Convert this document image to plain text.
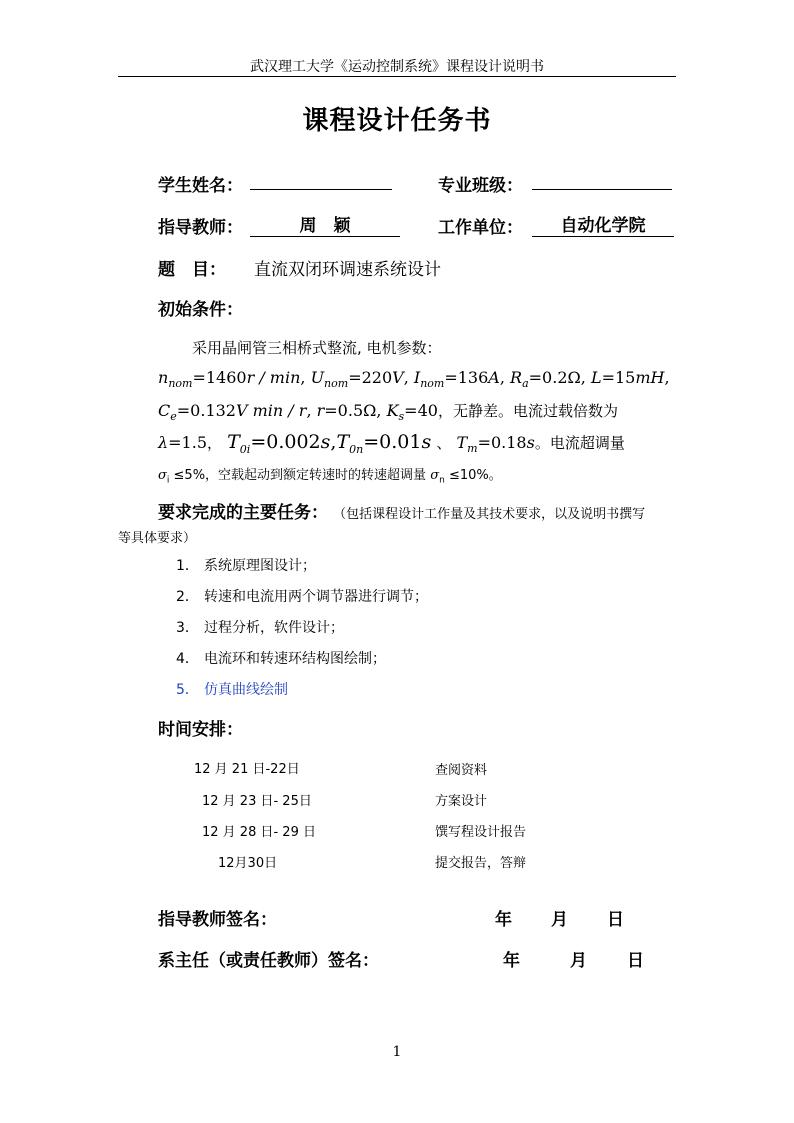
武汉理工大学《运动控制系统》课程设计说明书
课程设计任务书
学生姓名：	专业班级：
指导教师：	周　颖	工作单位：	自动化学院
题　目： 直流双闭环调速系统设计
初始条件：
采用晶闸管三相桥式整流, 电机参数：
$n_{nom}=1460r / \min$, $U_{nom}=220V$, $I_{nom}=136A$, $R_a=0.2\Omega$, L=15mH,
$C_e=0.132V$ min / r, r=0.5Ω, $K_s=40$，无静差。电流过载倍数为
λ=1.5， $T_{0i}=0.002s,T_{0n}=0.01s$ 、 $T_m=0.18s$。电流超调量
$\sigma_i \le 5\%$，空载起动到额定转速时的转速超调量 $\sigma_n \le 10\%$。
要求完成的主要任务： （包括课程设计工作量及其技术要求，以及说明书撰写
等具体要求）
1． 系统原理图设计；
2． 转速和电流用两个调节器进行调节；
3． 过程分析，软件设计；
4． 电流环和转速环结构图绘制；
5． 仿真曲线绘制
时间安排：
12 月 21 日-22日	查阅资料
12 月 23 日- 25日	方案设计
12 月 28 日- 29 日	馔写程设计报告
12月30日	提交报告，答辩
指导教师签名：	年 月 日
系主任（或责任教师）签名：	年	月 日
1
